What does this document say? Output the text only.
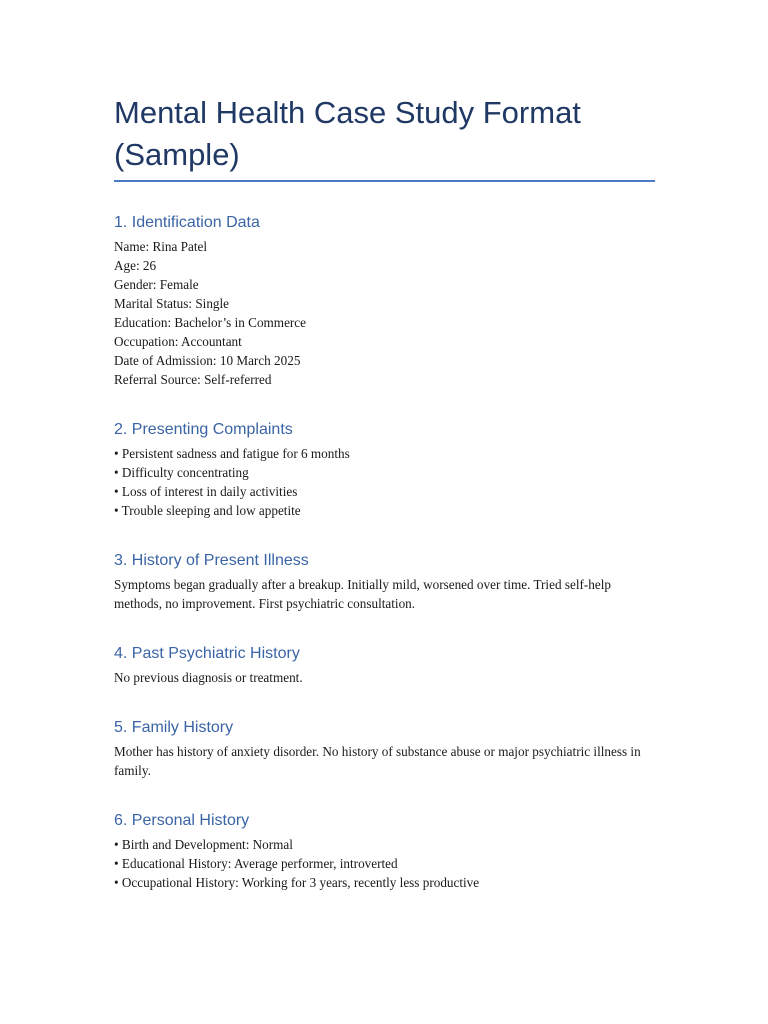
Mental Health Case Study Format
(Sample)
1. Identification Data
Name: Rina Patel
Age: 26
Gender: Female
Marital Status: Single
Education: Bachelor’s in Commerce
Occupation: Accountant
Date of Admission: 10 March 2025
Referral Source: Self-referred
2. Presenting Complaints
• Persistent sadness and fatigue for 6 months
• Difficulty concentrating
• Loss of interest in daily activities
• Trouble sleeping and low appetite
3. History of Present Illness
Symptoms began gradually after a breakup. Initially mild, worsened over time. Tried self-help methods, no improvement. First psychiatric consultation.
4. Past Psychiatric History
No previous diagnosis or treatment.
5. Family History
Mother has history of anxiety disorder. No history of substance abuse or major psychiatric illness in family.
6. Personal History
• Birth and Development: Normal
• Educational History: Average performer, introverted
• Occupational History: Working for 3 years, recently less productive
